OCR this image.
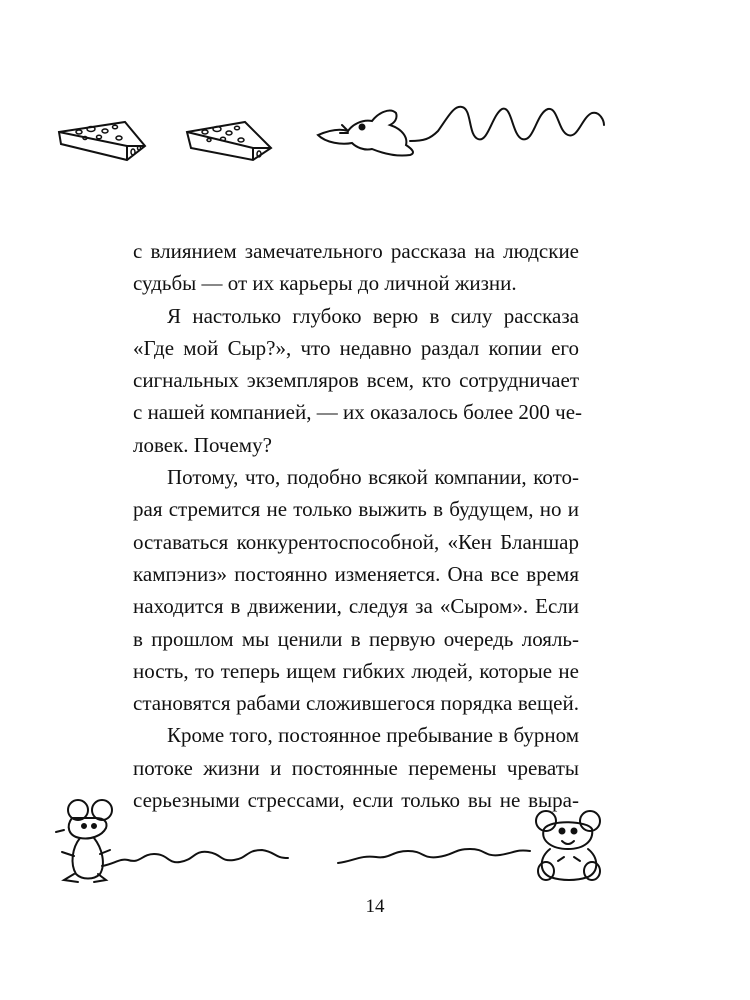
с влиянием замечательного рассказа на людские
судьбы — от их карьеры до личной жизни.
Я настолько глубоко верю в силу рассказа
«Где мой Сыр?», что недавно раздал копии его
сигнальных экземпляров всем, кто сотрудничает
с нашей компанией, — их оказалось более 200 че-
ловек. Почему?
Потому, что, подобно всякой компании, кото-
рая стремится не только выжить в будущем, но и
оставаться конкурентоспособной, «Кен Бланшар
кампэниз» постоянно изменяется. Она все время
находится в движении, следуя за «Сыром». Если
в прошлом мы ценили в первую очередь лояль-
ность, то теперь ищем гибких людей, которые не
становятся рабами сложившегося порядка вещей.
Кроме того, постоянное пребывание в бурном
потоке жизни и постоянные перемены чреваты
серьезными стрессами, если только вы не выра-
14
